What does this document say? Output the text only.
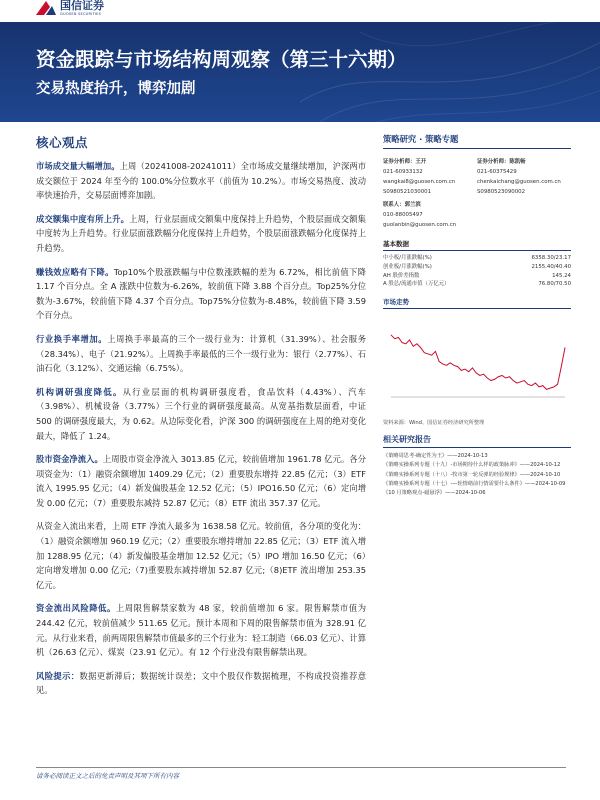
国信证券
GUOSEN SECURITIES
资金跟踪与市场结构周观察（第三十六期）
交易热度抬升，博弈加剧
核心观点

市场成交量大幅增加。上周（20241008-20241011）全市场成交量继续增加，沪深两市成交额位于 2024 年至今的 100.0%分位数水平（前值为 10.2%）。市场交易热度、波动率快速抬升，交易层面博弈加剧。

成交额集中度有所上升。上周，行业层面成交额集中度保持上升趋势，个股层面成交额集中度转为上升趋势。行业层面涨跌幅分化度保持上升趋势，个股层面涨跌幅分化度保持上升趋势。

赚钱效应略有下降。Top10%个股涨跌幅与中位数涨跌幅的差为 6.72%，相比前值下降 1.17 个百分点。全 A 涨跌中位数为-6.26%，较前值下降 3.88 个百分点。Top25%分位数为-3.67%，较前值下降 4.37 个百分点。Top75%分位数为-8.48%，较前值下降 3.59 个百分点。

行业换手率增加。上周换手率最高的三个一级行业为：计算机（31.39%）、社会服务（28.34%）、电子（21.92%）。上周换手率最低的三个一级行业为：银行（2.77%）、石油石化（3.12%）、交通运输（6.75%）。

机构调研强度降低。从行业层面的机构调研强度看，食品饮料（4.43%）、汽车（3.98%）、机械设备（3.77%）三个行业的调研强度最高。从宽基指数层面看，中证 500 的调研强度最大，为 0.62。从边际变化看，沪深 300 的调研强度在上周的绝对变化最大，降低了 1.24。

股市资金净流入。上周股市资金净流入 3013.85 亿元，较前值增加 1961.78 亿元。各分项资金为：（1）融资余额增加 1409.29 亿元；（2）重要股东增持 22.85 亿元；（3）ETF 流入 1995.95 亿元；（4）新发偏股基金 12.52 亿元；（5）IPO16.50 亿元；（6）定向增发 0.00 亿元；（7）重要股东减持 52.87 亿元；（8）ETF 流出 357.37 亿元。

从资金入流出来看，上周 ETF 净流入最多为 1638.58 亿元。较前值，各分项的变化为：（1）融资余额增加 960.19 亿元；（2）重要股东增持增加 22.85 亿元；（3）ETF 流入增加 1288.95 亿元；（4）新发偏股基金增加 12.52 亿元；（5）IPO 增加 16.50 亿元；（6）定向增发增加 0.00 亿元;（7)重要股东减持增加 52.87 亿元;（8)ETF 流出增加 253.35 亿元。

资金流出风险降低。上周限售解禁家数为 48 家，较前值增加 6 家。限售解禁市值为 244.42 亿元，较前值减少 511.65 亿元。预计本周和下周的限售解禁市值为 328.91 亿元。从行业来看，前两周限售解禁市值最多的三个行业为：轻工制造（66.03 亿元）、计算机（26.63 亿元）、煤炭（23.91 亿元）。有 12 个行业没有限售解禁出现。

风险提示：数据更新滞后；数据统计误差；文中个股仅作数据梳理，不构成投资推荐意见。

策略研究 · 策略专题
证券分析师：王开
021-60933132
wangkai8@guosen.com.cn
S0980521030001
证券分析师：陈凯畅
021-60375429
chenkaichang@guosen.com.cn
S0980523090002
联系人：郭兰滨
010-88005497
guolanbin@guosen.com.cn
基本数据
中小板/月涨跌幅(%)	6358.30/23.17
创业板/月涨跌幅(%)	2155.40/40.40
AH 股价差指数	145.24
A 股总/流通市值（万亿元）	76.80/70.50
市场走势
资料来源：Wind、国信证券经济研究所整理
相关研究报告
《策略周思考-确定性为王》——2024-10-13
《策略实操系列专题（十九）-市场期待什么样的政策脉冲》——2024-10-12
《策略实操系列专题（十八）-牧市第一轮反弹的经验规律》——2024-10-10
《策略实操系列专题（十七）-—轮情绪前行情需要什么条件》——2024-10-09
《10 月策略观点-磁悬浮》——2024-10-06
请务必阅读正文之后的免责声明及其项下所有内容
